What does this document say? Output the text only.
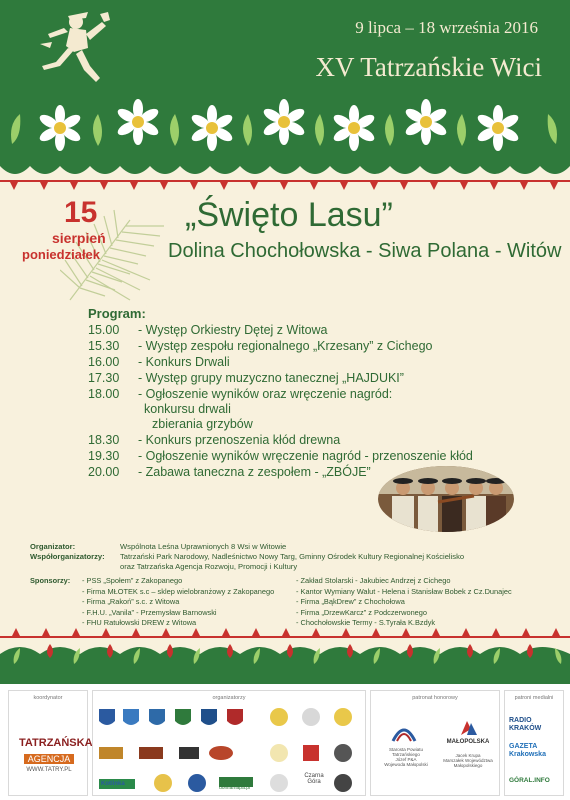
9 lipca – 18 września 2016
XV Tatrzańskie Wici
15
sierpień
poniedziałek
„Święto Lasu”
Dolina Chochołowska - Siwa Polana - Witów
Program:
15.00	- Występ Orkiestry Dętej z Witowa
15.30	- Występ zespołu regionalnego „Krzesany” z Cichego
16.00	- Konkurs Drwali
17.30	- Występ grupy muzyczno tanecznej „HAJDUKI”
18.00	- Ogłoszenie wyników oraz wręczenie nagród:
konkursu drwali
zbierania grzybów
18.30	- Konkurs przenoszenia kłód drewna
19.30	- Ogłoszenie wyników wręczenie nagród - przenoszenie kłód
20.00	- Zabawa taneczna z zespołem - „ZBÓJE”
Organizator:	Wspólnota Leśna Uprawnionych 8 Wsi w Witowie
Współorganizatorzy:	Tatrzański Park Narodowy, Nadleśnictwo Nowy Targ, Gminny Ośrodek Kultury Regionalnej Kościelisko
oraz Tatrzańska Agencja Rozwoju, Promocji i Kultury
Sponsorzy: - PSS „Społem” z Zakopanego
- Firma MŁOTEK s.c – sklep wielobranżowy z Zakopanego
- Firma „Rakoń” s.c. z Witowa
- F.H.U. „Vanila” - Przemysław Barnowski
- FHU Ratułowski DREW z Witowa
- Zakład Stolarski - Jakubiec Andrzej z Cichego
- Kantor Wymiany Walut - Helena i Stanisław Bobek z Cz.Dunajec
- Firma „BąkDrew” z Chochołowa
- Firma „DrzewKarcz” z Podczerwonego
- Chochołowskie Termy - S.Tyrała K.Bzdyk
koordynator
TATRZAŃSKA
AGENCJA
WWW.TATRY.PL
organizatorzy
dolinamapa.pl
Czarna Góra
Kotlinka
patronat honorowy
Starosta Powiatu Tatrzańskiego
Józef P&A
Wojewoda Małopolski
MAŁOPOLSKA
Jacek Krupa
Marszałek Województwa
Małopolskiego
patroni medialni
RADIO KRAKÓW
GAZETA Krakowska
GÓRAL.INFO
